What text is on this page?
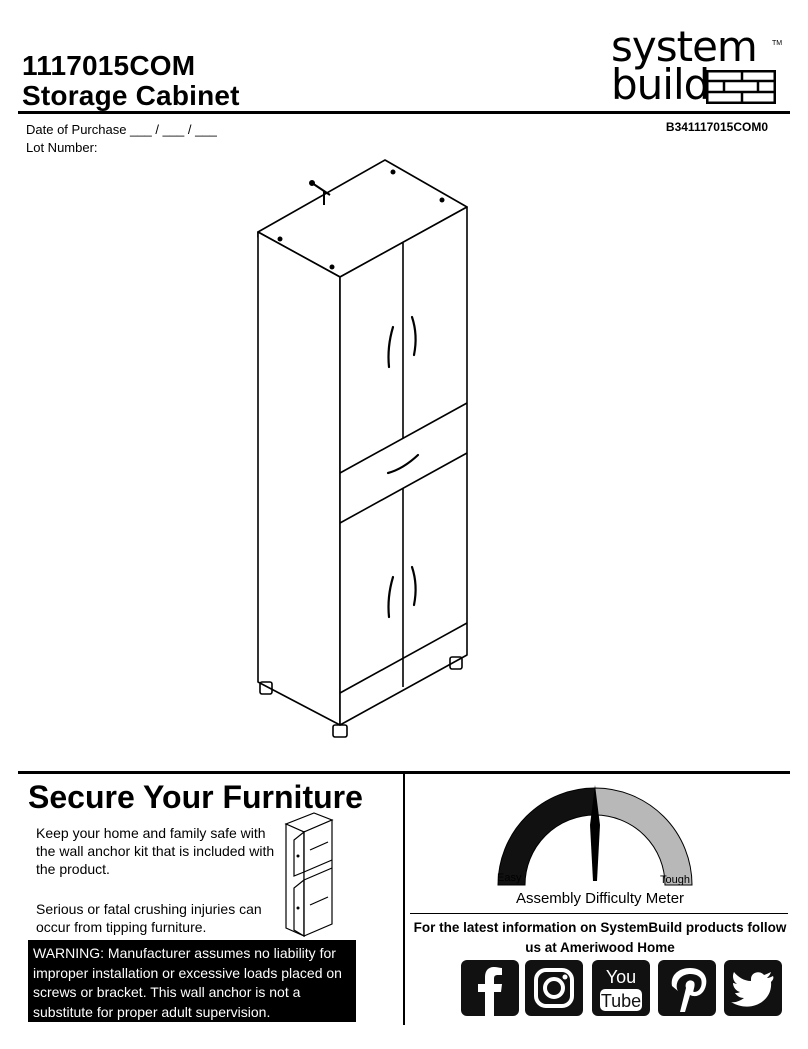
1117015COM
Storage Cabinet
system
build
TM
B341117015COM0
Date of Purchase ___ / ___ / ___
Lot Number:
Secure Your Furniture
Keep your home and family safe with the wall anchor kit that is included with the product.
Serious or fatal crushing injuries can occur from tipping furniture.
WARNING: Manufacturer assumes no liability for improper installation or excessive loads placed on screws or bracket. This wall anchor is not a substitute for proper adult supervision.
Easy	Tough
Assembly Difficulty Meter
For the latest information on SystemBuild products follow us at Ameriwood Home
You
Tube
